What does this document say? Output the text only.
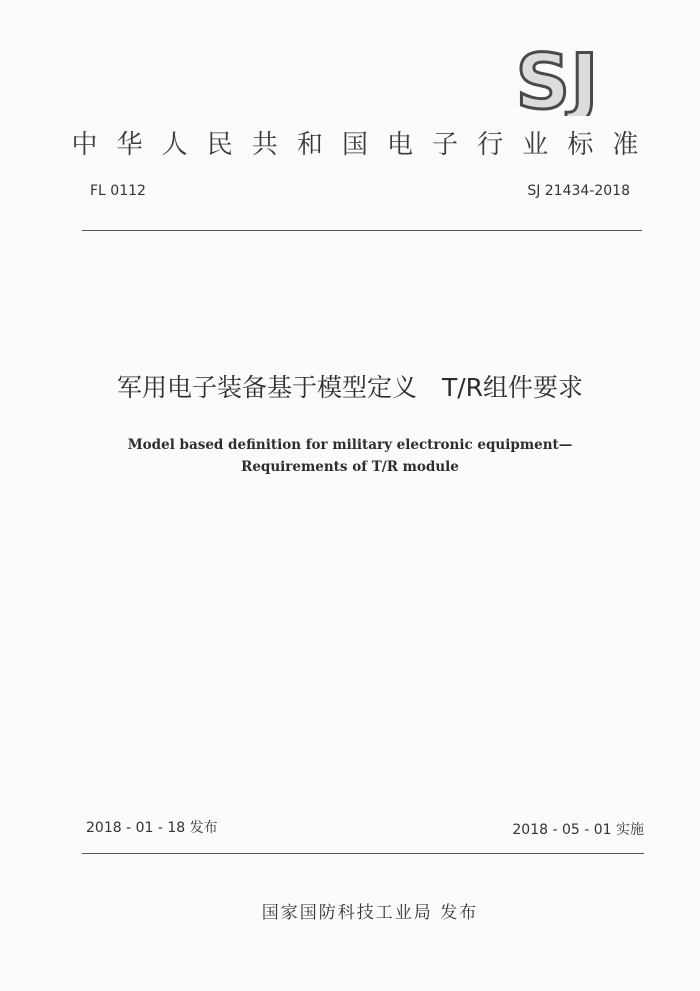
SJ
中 华 人 民 共 和 国 电 子 行 业 标 准
FL 0112	SJ 21434-2018
军用电子装备基于模型定义　T/R组件要求
Model based definition for military electronic equipment—
Requirements of T/R module
2018 - 01 - 18 发布	2018 - 05 - 01 实施
国家国防科技工业局 发布
